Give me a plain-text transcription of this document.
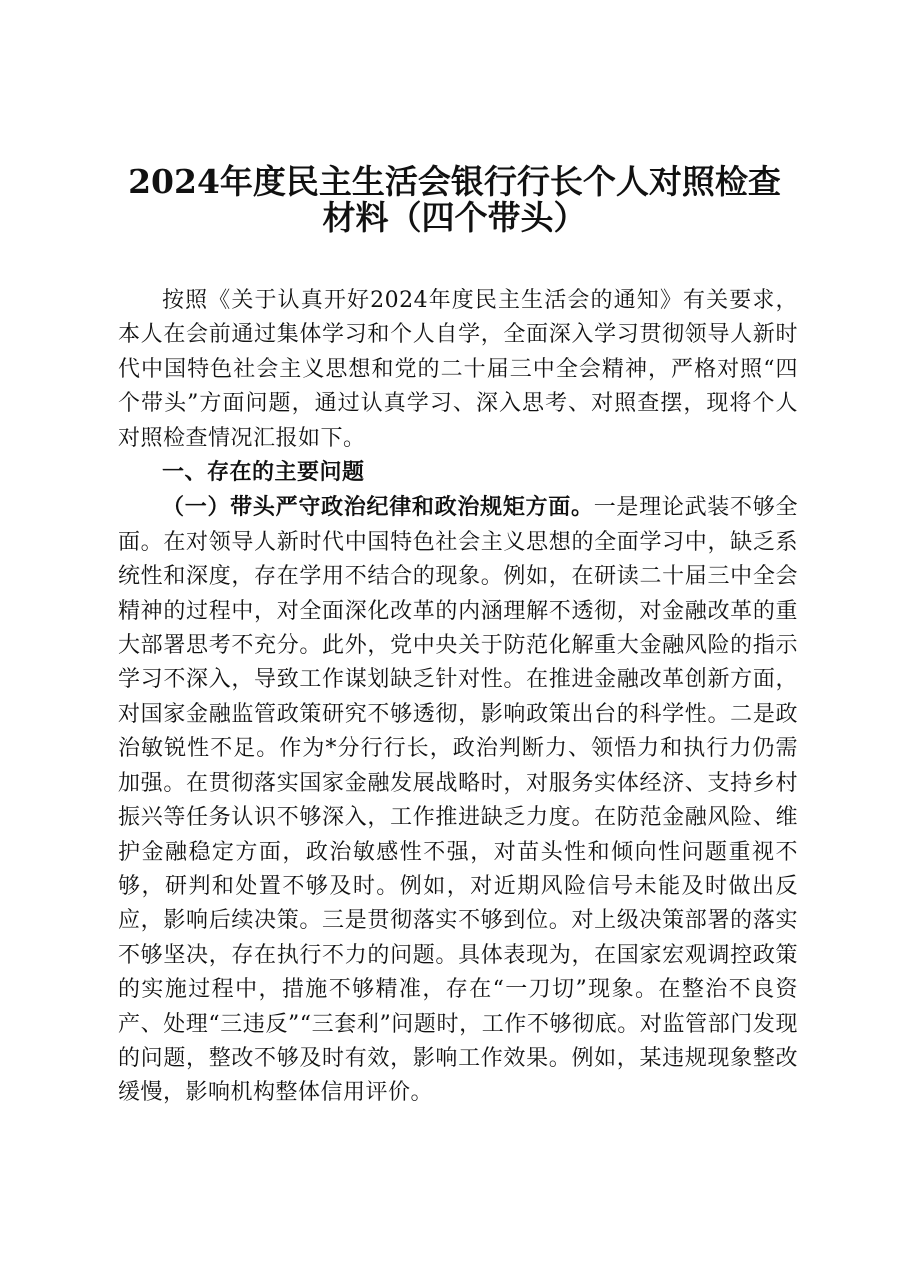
2024年度民主生活会银行行长个人对照检查
材料（四个带头）

按照《关于认真开好2024年度民主生活会的通知》有关要求，本人在会前通过集体学习和个人自学，全面深入学习贯彻领导人新时代中国特色社会主义思想和党的二十届三中全会精神，严格对照“四个带头”方面问题，通过认真学习、深入思考、对照查摆，现将个人对照检查情况汇报如下。

一、存在的主要问题

（一）带头严守政治纪律和政治规矩方面。一是理论武装不够全面。在对领导人新时代中国特色社会主义思想的全面学习中，缺乏系统性和深度，存在学用不结合的现象。例如，在研读二十届三中全会精神的过程中，对全面深化改革的内涵理解不透彻，对金融改革的重大部署思考不充分。此外，党中央关于防范化解重大金融风险的指示学习不深入，导致工作谋划缺乏针对性。在推进金融改革创新方面，对国家金融监管政策研究不够透彻，影响政策出台的科学性。二是政治敏锐性不足。作为*分行行长，政治判断力、领悟力和执行力仍需加强。在贯彻落实国家金融发展战略时，对服务实体经济、支持乡村振兴等任务认识不够深入，工作推进缺乏力度。在防范金融风险、维护金融稳定方面，政治敏感性不强，对苗头性和倾向性问题重视不够，研判和处置不够及时。例如，对近期风险信号未能及时做出反应，影响后续决策。三是贯彻落实不够到位。对上级决策部署的落实不够坚决，存在执行不力的问题。具体表现为，在国家宏观调控政策的实施过程中，措施不够精准，存在“一刀切”现象。在整治不良资产、处理“三违反”“三套利”问题时，工作不够彻底。对监管部门发现的问题，整改不够及时有效，影响工作效果。例如，某违规现象整改缓慢，影响机构整体信用评价。
